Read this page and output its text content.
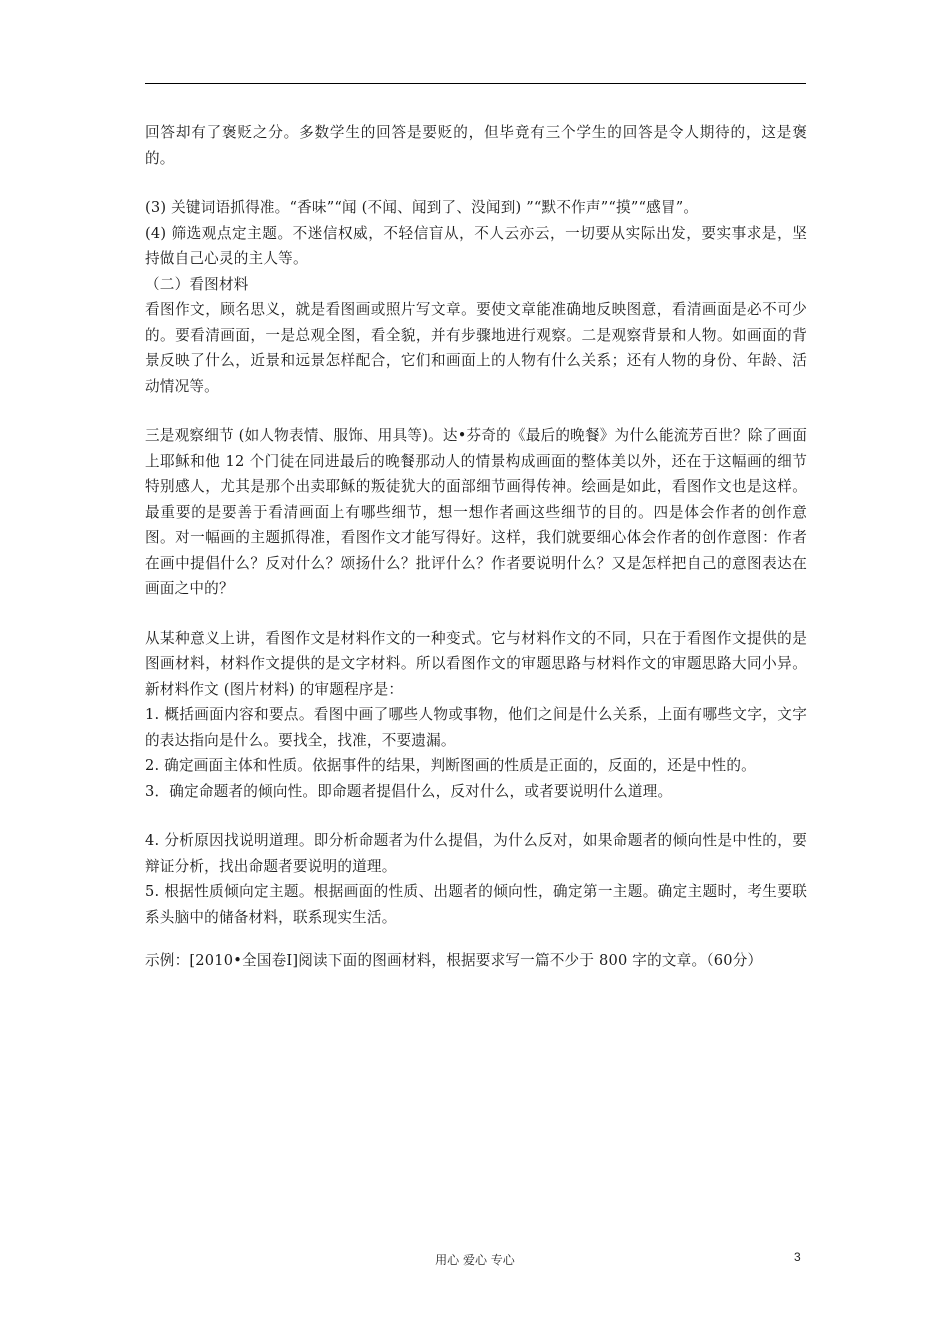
回答却有了褒贬之分。多数学生的回答是要贬的，但毕竟有三个学生的回答是令人期待的，这是褒的。

(3) 关键词语抓得准。“香味”“闻 (不闻、闻到了、没闻到) ”“默不作声”“摸”“感冒”。

(4) 筛选观点定主题。不迷信权威，不轻信盲从，不人云亦云，一切要从实际出发，要实事求是，坚持做自己心灵的主人等。

（二）看图材料

看图作文，顾名思义，就是看图画或照片写文章。要使文章能准确地反映图意，看清画面是必不可少的。要看清画面，一是总观全图，看全貌，并有步骤地进行观察。二是观察背景和人物。如画面的背景反映了什么，近景和远景怎样配合，它们和画面上的人物有什么关系；还有人物的身份、年龄、活动情况等。

三是观察细节 (如人物表情、服饰、用具等)。达•芬奇的《最后的晚餐》为什么能流芳百世？除了画面上耶稣和他 12 个门徒在同进最后的晚餐那动人的情景构成画面的整体美以外，还在于这幅画的细节特别感人，尤其是那个出卖耶稣的叛徒犹大的面部细节画得传神。绘画是如此，看图作文也是这样。最重要的是要善于看清画面上有哪些细节，想一想作者画这些细节的目的。四是体会作者的创作意图。对一幅画的主题抓得准，看图作文才能写得好。这样，我们就要细心体会作者的创作意图：作者在画中提倡什么？反对什么？颂扬什么？批评什么？作者要说明什么？又是怎样把自己的意图表达在画面之中的？

从某种意义上讲，看图作文是材料作文的一种变式。它与材料作文的不同，只在于看图作文提供的是图画材料，材料作文提供的是文字材料。所以看图作文的审题思路与材料作文的审题思路大同小异。新材料作文 (图片材料) 的审题程序是：

1. 概括画面内容和要点。看图中画了哪些人物或事物，他们之间是什么关系，上面有哪些文字，文字的表达指向是什么。要找全，找准，不要遗漏。

2. 确定画面主体和性质。依据事件的结果，判断图画的性质是正面的，反面的，还是中性的。

3．确定命题者的倾向性。即命题者提倡什么，反对什么，或者要说明什么道理。

4. 分析原因找说明道理。即分析命题者为什么提倡，为什么反对，如果命题者的倾向性是中性的，要辩证分析，找出命题者要说明的道理。

5. 根据性质倾向定主题。根据画面的性质、出题者的倾向性，确定第一主题。确定主题时，考生要联系头脑中的储备材料，联系现实生活。

示例：[2010•全国卷Ⅰ]阅读下面的图画材料，根据要求写一篇不少于 800 字的文章。（60分）

用心 爱心 专心	3
